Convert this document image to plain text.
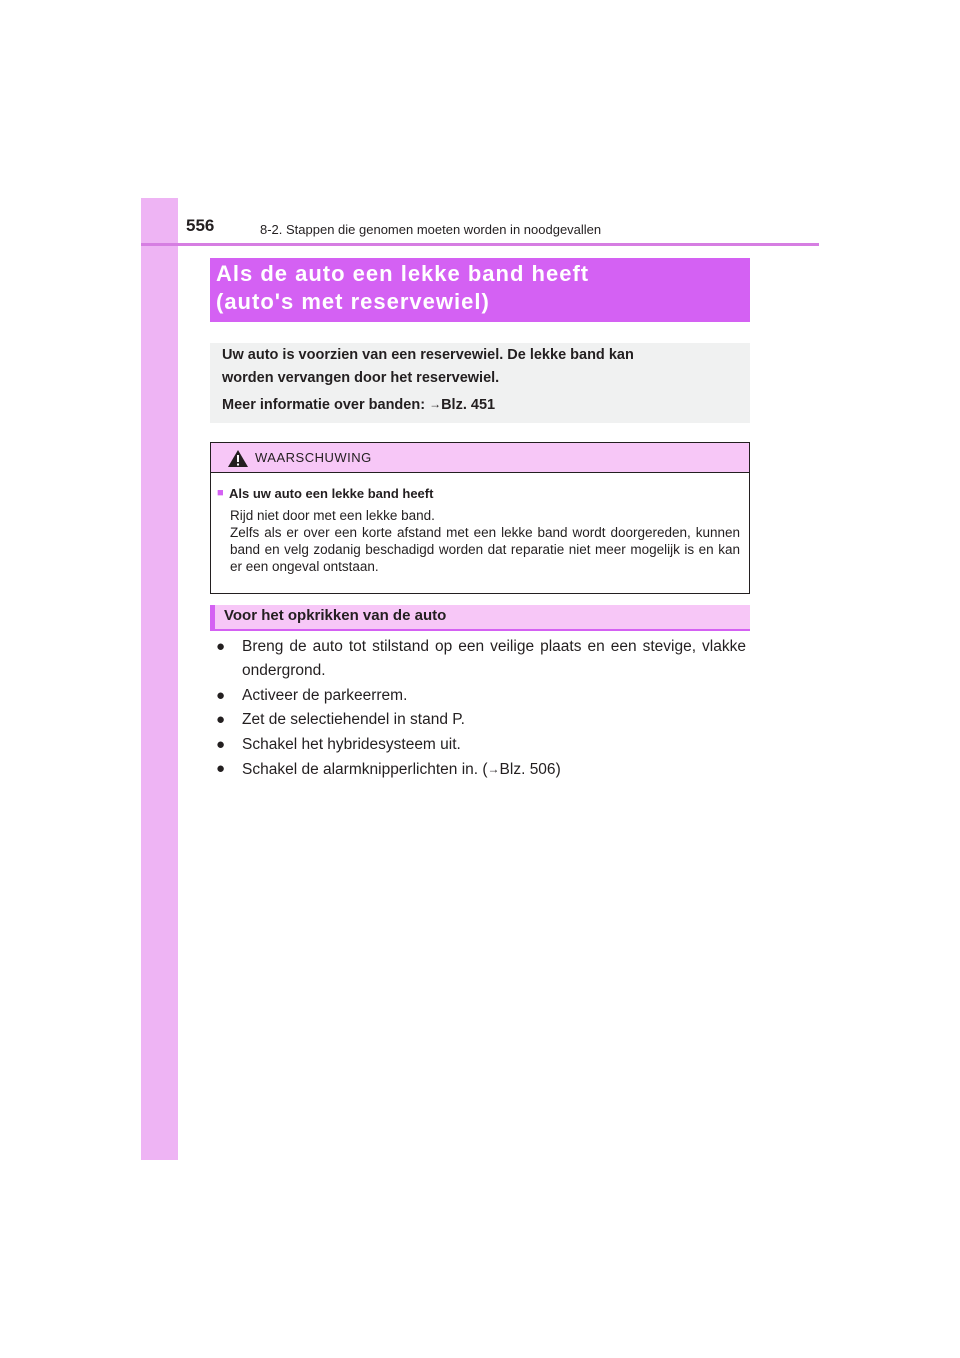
556	8-2. Stappen die genomen moeten worden in noodgevallen
Als de auto een lekke band heeft
(auto's met reservewiel)
Uw auto is voorzien van een reservewiel. De lekke band kan
worden vervangen door het reservewiel.
Meer informatie over banden: →Blz. 451
WAARSCHUWING
■ Als uw auto een lekke band heeft
Rijd niet door met een lekke band.
Zelfs als er over een korte afstand met een lekke band wordt doorgereden, kunnen band en velg zodanig beschadigd worden dat reparatie niet meer mogelijk is en kan er een ongeval ontstaan.
Voor het opkrikken van de auto
● Breng de auto tot stilstand op een veilige plaats en een stevige, vlakke ondergrond.
● Activeer de parkeerrem.
● Zet de selectiehendel in stand P.
● Schakel het hybridesysteem uit.
● Schakel de alarmknipperlichten in. (→Blz. 506)
